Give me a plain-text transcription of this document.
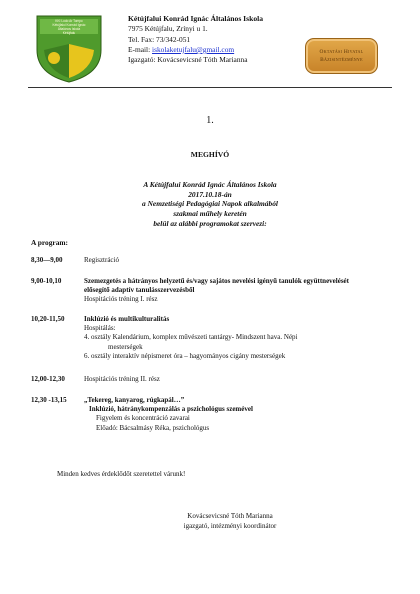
KKI Lodo Ar Tompo
Kétújfalui Konrád Ignác
Általános Iskola
Kétújfalu
Kétújfalui Konrád Ignác Általános Iskola
7975 Kétújfalu, Zrínyi u 1.
Tel. Fax: 73/342-051
E-mail: iskolaketujfalu@gmail.com
Igazgató: Kovácsevicsné Tóth Marianna
Oktatási Hivatal
Bázisintézménye
1.
MEGHÍVÓ
A Kétújfalui Konrád Ignác Általános Iskola
2017.10.18-án
a Nemzetiségi Pedagógiai Napok alkalmából
szakmai műhely keretén
belül az alábbi programokat szervezi:
A program:
8,30—9,00	Regisztráció
9,00-10,10	Szemezgetés a hátrányos helyzetű és/vagy sajátos nevelési igényű tanulók együttnevelését elősegítő adaptív tanulásszervezésből
Hospitációs tréning I. rész
10,20-11,50	Inklúzió és multikulturalitás
Hospitálás:
4. osztály Kalendárium, komplex művészeti tantárgy- Mindszent hava. Népi
mesterségek
6. osztály interaktív népismeret óra – hagyományos cigány mesterségek
12,00-12,30	Hospitációs tréning II. rész
12,30 -13,15 „Tekereg, kanyarog, rúgkapál…”
Inklúzió, hátránykompenzálás a pszichológus szemével
Figyelem és koncentráció zavarai
Előadó: Bácsalmásy Réka, pszichológus
Minden kedves érdeklődőt szeretettel várunk!
Kovácsevicsné Tóth Marianna
igazgató, intézményi koordinátor
